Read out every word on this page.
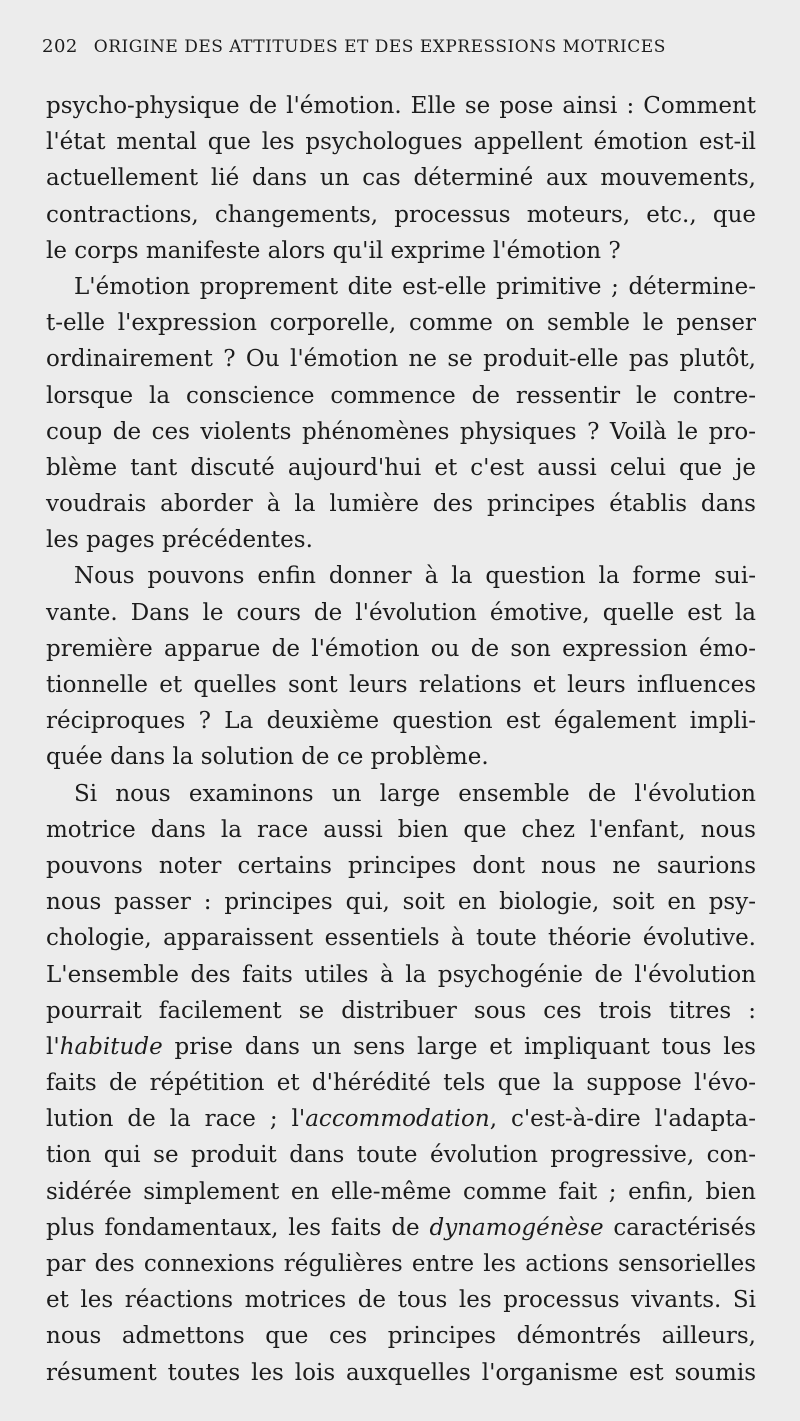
202 ORIGINE DES ATTITUDES ET DES EXPRESSIONS MOTRICES
psycho-physique de l'émotion. Elle se pose ainsi : Comment
l'état mental que les psychologues appellent émotion est-il
actuellement lié dans un cas déterminé aux mouvements,
contractions, changements, processus moteurs, etc., que
le corps manifeste alors qu'il exprime l'émotion ?
L'émotion proprement dite est-elle primitive ; détermine-
t-elle l'expression corporelle, comme on semble le penser
ordinairement ? Ou l'émotion ne se produit-elle pas plutôt,
lorsque la conscience commence de ressentir le contre-
coup de ces violents phénomènes physiques ? Voilà le pro-
blème tant discuté aujourd'hui et c'est aussi celui que je
voudrais aborder à la lumière des principes établis dans
les pages précédentes.
Nous pouvons enfin donner à la question la forme sui-
vante. Dans le cours de l'évolution émotive, quelle est la
première apparue de l'émotion ou de son expression émo-
tionnelle et quelles sont leurs relations et leurs influences
réciproques ? La deuxième question est également impli-
quée dans la solution de ce problème.
Si nous examinons un large ensemble de l'évolution
motrice dans la race aussi bien que chez l'enfant, nous
pouvons noter certains principes dont nous ne saurions
nous passer : principes qui, soit en biologie, soit en psy-
chologie, apparaissent essentiels à toute théorie évolutive.
L'ensemble des faits utiles à la psychogénie de l'évolution
pourrait facilement se distribuer sous ces trois titres :
l'habitude prise dans un sens large et impliquant tous les
faits de répétition et d'hérédité tels que la suppose l'évo-
lution de la race ; l'accommodation, c'est-à-dire l'adapta-
tion qui se produit dans toute évolution progressive, con-
sidérée simplement en elle-même comme fait ; enfin, bien
plus fondamentaux, les faits de dynamogénèse caractérisés
par des connexions régulières entre les actions sensorielles
et les réactions motrices de tous les processus vivants. Si
nous admettons que ces principes démontrés ailleurs,
résument toutes les lois auxquelles l'organisme est soumis
